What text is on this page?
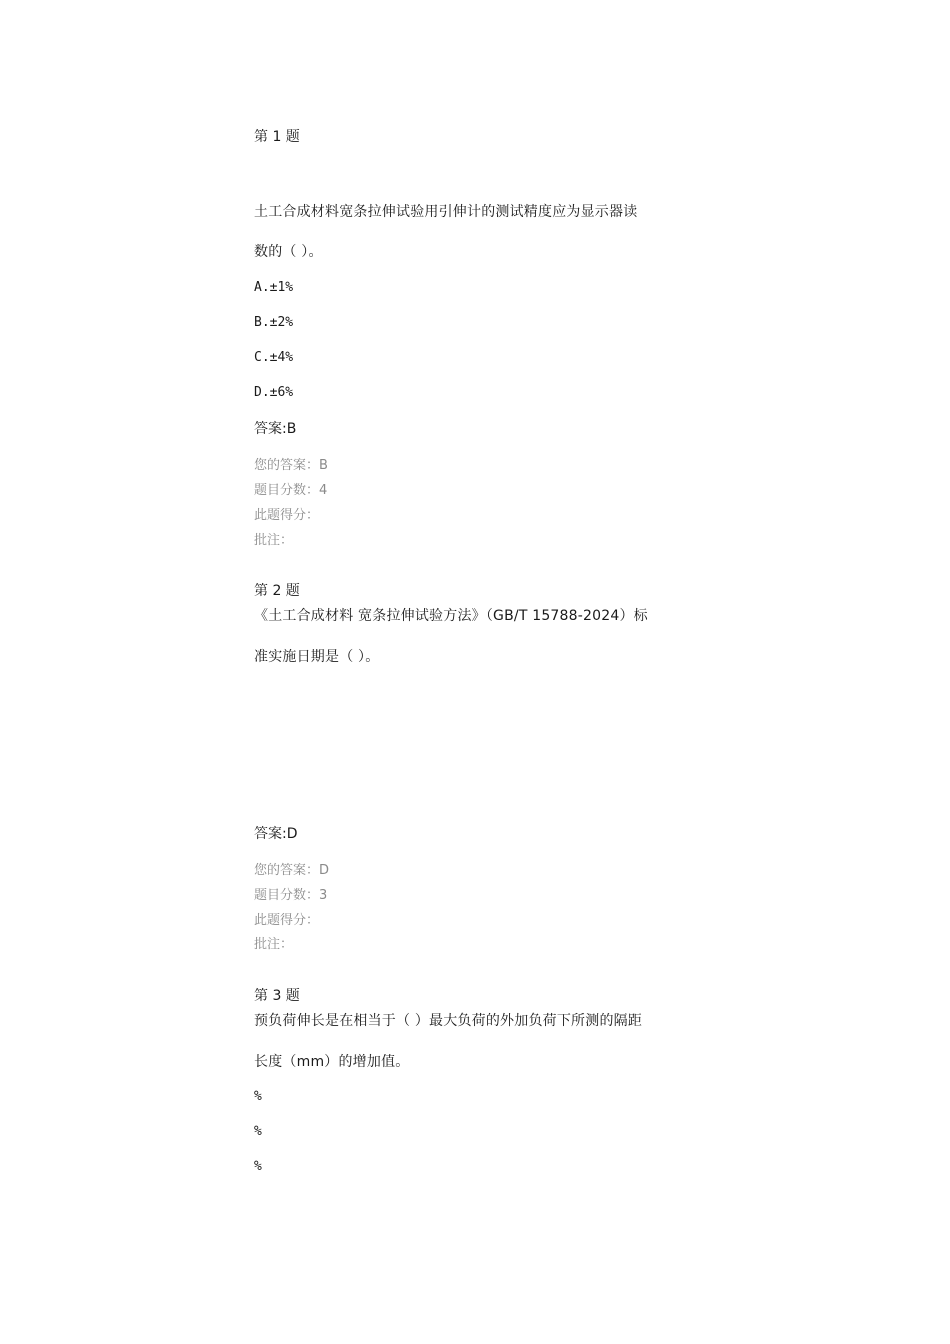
第 1 题
土工合成材料宽条拉伸试验用引伸计的测试精度应为显示器读
数的（ ）。
A.±1%
B.±2%
C.±4%
D.±6%
答案:B
您的答案：B
题目分数：4
此题得分：
批注：
第 2 题
《土工合成材料 宽条拉伸试验方法》（GB/T 15788-2024）标
准实施日期是（ ）。
答案:D
您的答案：D
题目分数：3
此题得分：
批注：
第 3 题
预负荷伸长是在相当于（ ）最大负荷的外加负荷下所测的隔距
长度（mm）的增加值。
%
%
%
